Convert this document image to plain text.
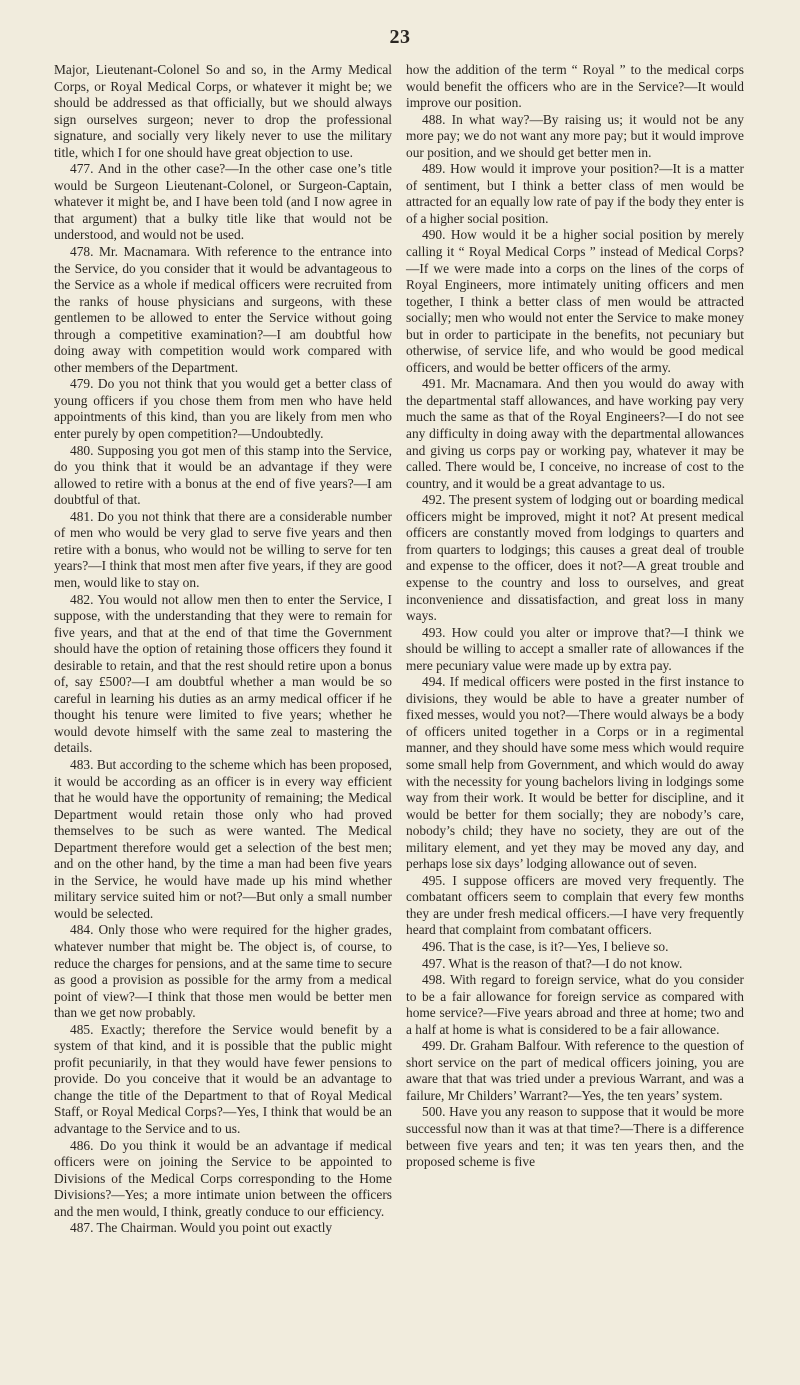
23

Major, Lieutenant-Colonel So and so, in the Army Medical Corps, or Royal Medical Corps, or whatever it might be; we should be addressed as that officially, but we should always sign ourselves surgeon; never to drop the professional signature, and socially very likely never to use the military title, which I for one should have great objection to use.

477. And in the other case?—In the other case one’s title would be Surgeon Lieutenant-Colonel, or Surgeon-Captain, whatever it might be, and I have been told (and I now agree in that argument) that a bulky title like that would not be understood, and would not be used.

478. Mr. Macnamara. With reference to the entrance into the Service, do you consider that it would be advantageous to the Service as a whole if medical officers were recruited from the ranks of house physicians and surgeons, with these gentlemen to be allowed to enter the Service without going through a competitive examination?—I am doubtful how doing away with competition would work compared with other members of the Department.

479. Do you not think that you would get a better class of young officers if you chose them from men who have held appointments of this kind, than you are likely from men who enter purely by open competition?—Undoubtedly.

480. Supposing you got men of this stamp into the Service, do you think that it would be an advantage if they were allowed to retire with a bonus at the end of five years?—I am doubtful of that.

481. Do you not think that there are a considerable number of men who would be very glad to serve five years and then retire with a bonus, who would not be willing to serve for ten years?—I think that most men after five years, if they are good men, would like to stay on.

482. You would not allow men then to enter the Service, I suppose, with the understanding that they were to remain for five years, and that at the end of that time the Government should have the option of retaining those officers they found it desirable to retain, and that the rest should retire upon a bonus of, say £500?—I am doubtful whether a man would be so careful in learning his duties as an army medical officer if he thought his tenure were limited to five years; whether he would devote himself with the same zeal to mastering the details.

483. But according to the scheme which has been proposed, it would be according as an officer is in every way efficient that he would have the opportunity of remaining; the Medical Department would retain those only who had proved themselves to be such as were wanted. The Medical Department therefore would get a selection of the best men; and on the other hand, by the time a man had been five years in the Service, he would have made up his mind whether military service suited him or not?—But only a small number would be selected.

484. Only those who were required for the higher grades, whatever number that might be. The object is, of course, to reduce the charges for pensions, and at the same time to secure as good a provision as possible for the army from a medical point of view?—I think that those men would be better men than we get now probably.

485. Exactly; therefore the Service would benefit by a system of that kind, and it is possible that the public might profit pecuniarily, in that they would have fewer pensions to provide. Do you conceive that it would be an advantage to change the title of the Department to that of Royal Medical Staff, or Royal Medical Corps?—Yes, I think that would be an advantage to the Service and to us.

486. Do you think it would be an advantage if medical officers were on joining the Service to be appointed to Divisions of the Medical Corps corresponding to the Home Divisions?—Yes; a more intimate union between the officers and the men would, I think, greatly conduce to our efficiency.

487. The Chairman. Would you point out exactly

how the addition of the term “ Royal ” to the medical corps would benefit the officers who are in the Service?—It would improve our position.

488. In what way?—By raising us; it would not be any more pay; we do not want any more pay; but it would improve our position, and we should get better men in.

489. How would it improve your position?—It is a matter of sentiment, but I think a better class of men would be attracted for an equally low rate of pay if the body they enter is of a higher social position.

490. How would it be a higher social position by merely calling it “ Royal Medical Corps ” instead of Medical Corps?—If we were made into a corps on the lines of the corps of Royal Engineers, more intimately uniting officers and men together, I think a better class of men would be attracted socially; men who would not enter the Service to make money but in order to participate in the benefits, not pecuniary but otherwise, of service life, and who would be good medical officers, and would be better officers of the army.

491. Mr. Macnamara. And then you would do away with the departmental staff allowances, and have working pay very much the same as that of the Royal Engineers?—I do not see any difficulty in doing away with the departmental allowances and giving us corps pay or working pay, whatever it may be called. There would be, I conceive, no increase of cost to the country, and it would be a great advantage to us.

492. The present system of lodging out or boarding medical officers might be improved, might it not? At present medical officers are constantly moved from lodgings to quarters and from quarters to lodgings; this causes a great deal of trouble and expense to the officer, does it not?—A great trouble and expense to the country and loss to ourselves, and great inconvenience and dissatisfaction, and great loss in many ways.

493. How could you alter or improve that?—I think we should be willing to accept a smaller rate of allowances if the mere pecuniary value were made up by extra pay.

494. If medical officers were posted in the first instance to divisions, they would be able to have a greater number of fixed messes, would you not?—There would always be a body of officers united together in a Corps or in a regimental manner, and they should have some mess which would require some small help from Government, and which would do away with the necessity for young bachelors living in lodgings some way from their work. It would be better for discipline, and it would be better for them socially; they are nobody’s care, nobody’s child; they have no society, they are out of the military element, and yet they may be moved any day, and perhaps lose six days’ lodging allowance out of seven.

495. I suppose officers are moved very frequently. The combatant officers seem to complain that every few months they are under fresh medical officers.—I have very frequently heard that complaint from combatant officers.

496. That is the case, is it?—Yes, I believe so.

497. What is the reason of that?—I do not know.

498. With regard to foreign service, what do you consider to be a fair allowance for foreign service as compared with home service?—Five years abroad and three at home; two and a half at home is what is considered to be a fair allowance.

499. Dr. Graham Balfour. With reference to the question of short service on the part of medical officers joining, you are aware that that was tried under a previous Warrant, and was a failure, Mr Childers’ Warrant?—Yes, the ten years’ system.

500. Have you any reason to suppose that it would be more successful now than it was at that time?—There is a difference between five years and ten; it was ten years then, and the proposed scheme is five
